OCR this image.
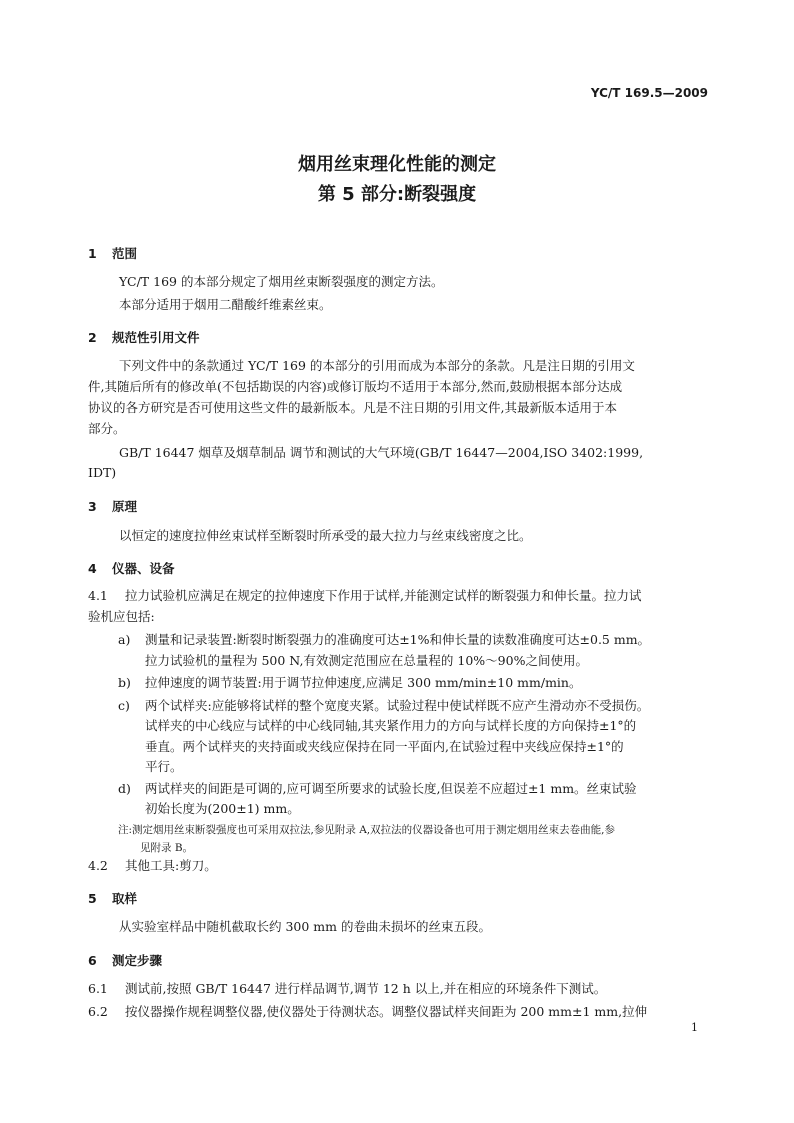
YC/T 169.5—2009
烟用丝束理化性能的测定
第 5 部分:断裂强度
1 范围
YC/T 169 的本部分规定了烟用丝束断裂强度的测定方法。
本部分适用于烟用二醋酸纤维素丝束。
2 规范性引用文件
下列文件中的条款通过 YC/T 169 的本部分的引用而成为本部分的条款。凡是注日期的引用文
件,其随后所有的修改单(不包括勘误的内容)或修订版均不适用于本部分,然而,鼓励根据本部分达成
协议的各方研究是否可使用这些文件的最新版本。凡是不注日期的引用文件,其最新版本适用于本
部分。
GB/T 16447 烟草及烟草制品 调节和测试的大气环境(GB/T 16447—2004,ISO 3402:1999,
IDT)
3 原理
以恒定的速度拉伸丝束试样至断裂时所承受的最大拉力与丝束线密度之比。
4 仪器、设备
4.1 拉力试验机应满足在规定的拉伸速度下作用于试样,并能测定试样的断裂强力和伸长量。拉力试
验机应包括:
a) 测量和记录装置:断裂时断裂强力的准确度可达±1%和伸长量的读数准确度可达±0.5 mm。
拉力试验机的量程为 500 N,有效测定范围应在总量程的 10%～90%之间使用。
b) 拉伸速度的调节装置:用于调节拉伸速度,应满足 300 mm/min±10 mm/min。
c) 两个试样夹:应能够将试样的整个宽度夹紧。试验过程中使试样既不应产生滑动亦不受损伤。
试样夹的中心线应与试样的中心线同轴,其夹紧作用力的方向与试样长度的方向保持±1°的
垂直。两个试样夹的夹持面或夹线应保持在同一平面内,在试验过程中夹线应保持±1°的
平行。
d) 两试样夹的间距是可调的,应可调至所要求的试验长度,但误差不应超过±1 mm。丝束试验
初始长度为(200±1) mm。
注:测定烟用丝束断裂强度也可采用双拉法,参见附录 A,双拉法的仪器设备也可用于测定烟用丝束去卷曲能,参
见附录 B。
4.2 其他工具:剪刀。
5 取样
从实验室样品中随机截取长约 300 mm 的卷曲未损坏的丝束五段。
6 测定步骤
6.1 测试前,按照 GB/T 16447 进行样品调节,调节 12 h 以上,并在相应的环境条件下测试。
6.2 按仪器操作规程调整仪器,使仪器处于待测状态。调整仪器试样夹间距为 200 mm±1 mm,拉伸
1
